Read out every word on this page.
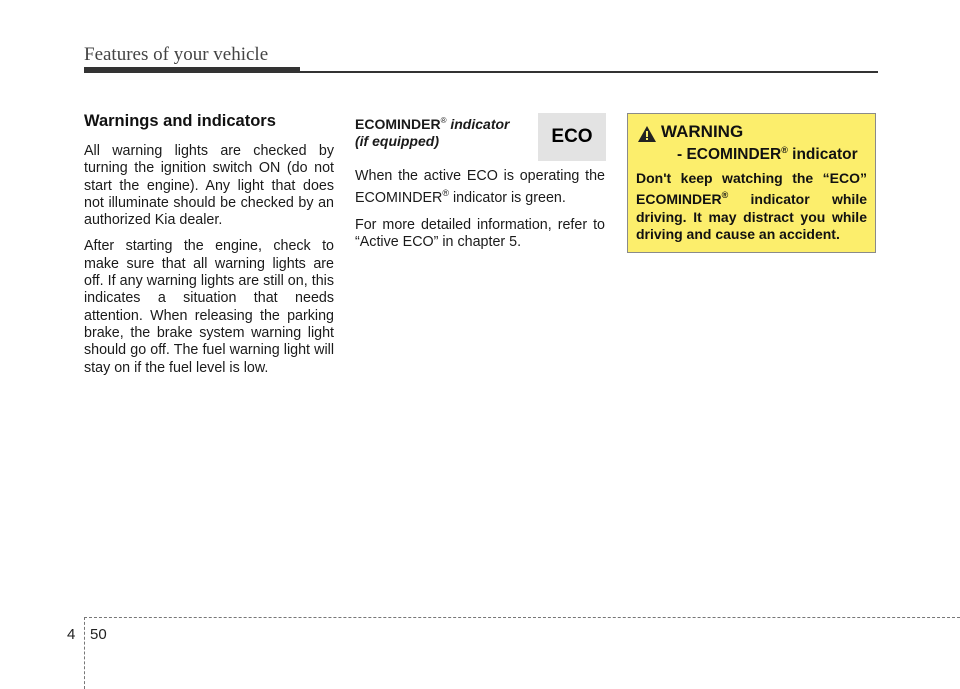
Features of your vehicle
Warnings and indicators

All warning lights are checked by turning the ignition switch ON (do not start the engine). Any light that does not illuminate should be checked by an authorized Kia dealer.

After starting the engine, check to make sure that all warning lights are off. If any warning lights are still on, this indicates a situation that needs attention. When releasing the parking brake, the brake system warning light should go off. The fuel warning light will stay on if the fuel level is low.

ECOMINDER® indicator
(if equipped)

When the active ECO is operating the ECOMINDER® indicator is green.

For more detailed information, refer to “Active ECO” in chapter 5.

ECO	WARNING
- ECOMINDER® indicator
Don't keep watching the “ECO” ECOMINDER® indicator while driving. It may distract you while driving and cause an accident.
4 50
